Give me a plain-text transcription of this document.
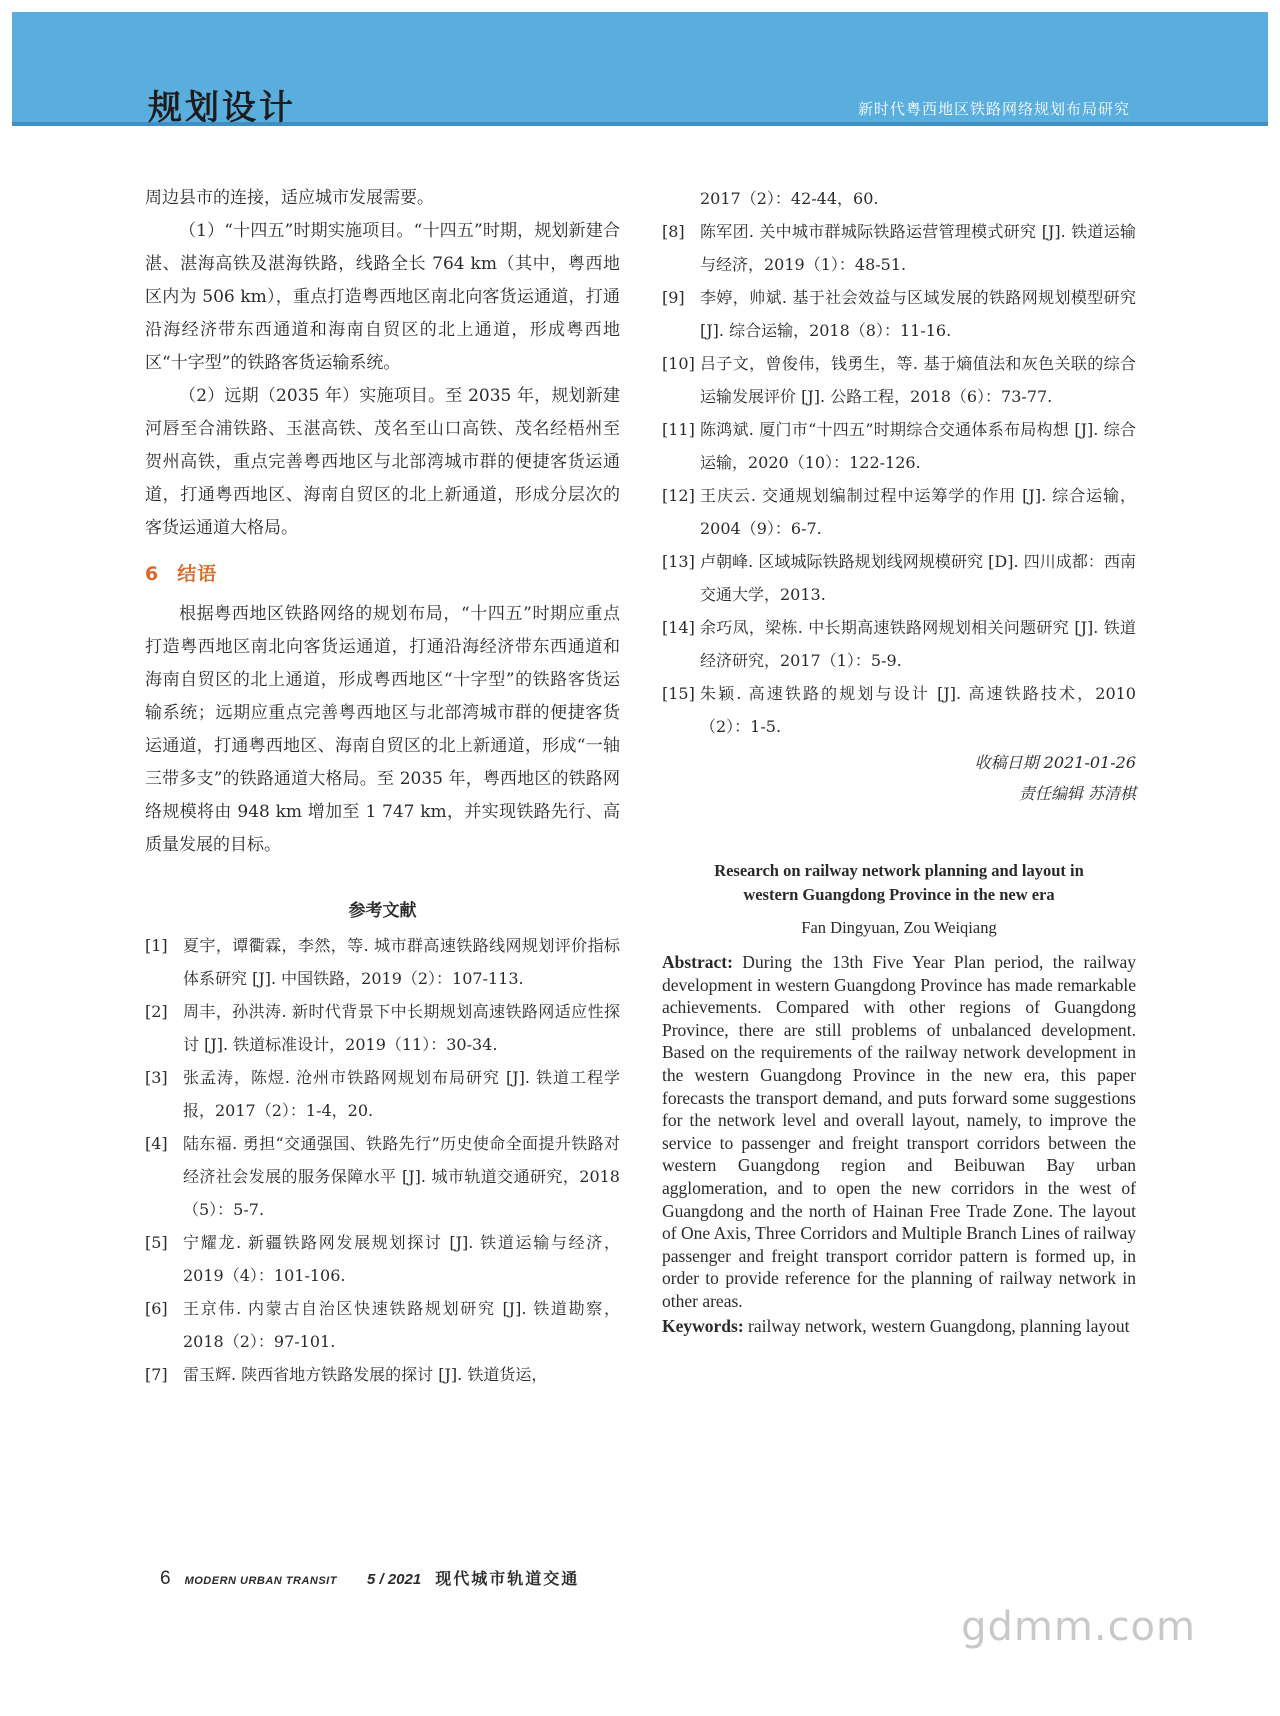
规划设计	新时代粤西地区铁路网络规划布局研究

周边县市的连接，适应城市发展需要。

（1）“十四五”时期实施项目。“十四五”时期，规划新建合湛、湛海高铁及湛海铁路，线路全长 764 km（其中，粤西地区内为 506 km），重点打造粤西地区南北向客货运通道，打通沿海经济带东西通道和海南自贸区的北上通道，形成粤西地区“十字型”的铁路客货运输系统。

（2）远期（2035 年）实施项目。至 2035 年，规划新建河唇至合浦铁路、玉湛高铁、茂名至山口高铁、茂名经梧州至贺州高铁，重点完善粤西地区与北部湾城市群的便捷客货运通道，打通粤西地区、海南自贸区的北上新通道，形成分层次的客货运通道大格局。

6 结语

根据粤西地区铁路网络的规划布局，“十四五”时期应重点打造粤西地区南北向客货运通道，打通沿海经济带东西通道和海南自贸区的北上通道，形成粤西地区“十字型”的铁路客货运输系统；远期应重点完善粤西地区与北部湾城市群的便捷客货运通道，打通粤西地区、海南自贸区的北上新通道，形成“一轴三带多支”的铁路通道大格局。至 2035 年，粤西地区的铁路网络规模将由 948 km 增加至 1 747 km，并实现铁路先行、高质量发展的目标。

参考文献
[1] 夏宇，谭衢霖，李然，等. 城市群高速铁路线网规划评价指标体系研究 [J]. 中国铁路，2019（2）：107-113.
[2] 周丰，孙洪涛. 新时代背景下中长期规划高速铁路网适应性探讨 [J]. 铁道标准设计，2019（11）：30-34.
[3] 张孟涛，陈煜. 沧州市铁路网规划布局研究 [J]. 铁道工程学报，2017（2）：1-4，20.
[4] 陆东福. 勇担“交通强国、铁路先行”历史使命全面提升铁路对经济社会发展的服务保障水平 [J]. 城市轨道交通研究，2018（5）：5-7.
[5] 宁耀龙. 新疆铁路网发展规划探讨 [J]. 铁道运输与经济，2019（4）：101-106.
[6] 王京伟. 内蒙古自治区快速铁路规划研究 [J]. 铁道勘察，2018（2）：97-101.
[7] 雷玉辉. 陕西省地方铁路发展的探讨 [J]. 铁道货运，
2017（2）：42-44，60.
[8] 陈军团. 关中城市群城际铁路运营管理模式研究 [J]. 铁道运输与经济，2019（1）：48-51.
[9] 李婷，帅斌. 基于社会效益与区域发展的铁路网规划模型研究 [J]. 综合运输，2018（8）：11-16.
[10] 吕子文，曾俊伟，钱勇生，等. 基于熵值法和灰色关联的综合运输发展评价 [J]. 公路工程，2018（6）：73-77.
[11] 陈鸿斌. 厦门市“十四五”时期综合交通体系布局构想 [J]. 综合运输，2020（10）：122-126.
[12] 王庆云. 交通规划编制过程中运筹学的作用 [J]. 综合运输，2004（9）：6-7.
[13] 卢朝峰. 区域城际铁路规划线网规模研究 [D]. 四川成都：西南交通大学，2013.
[14] 余巧凤，梁栋. 中长期高速铁路网规划相关问题研究 [J]. 铁道经济研究，2017（1）：5-9.
[15] 朱颖. 高速铁路的规划与设计 [J]. 高速铁路技术，2010（2）：1-5.
收稿日期 2021-01-26
责任编辑 苏清棋
Research on railway network planning and layout in
western Guangdong Province in the new era
Fan Dingyuan, Zou Weiqiang
Abstract: During the 13th Five Year Plan period, the railway development in western Guangdong Province has made remarkable achievements. Compared with other regions of Guangdong Province, there are still problems of unbalanced development. Based on the requirements of the railway network development in the western Guangdong Province in the new era, this paper forecasts the transport demand, and puts forward some suggestions for the network level and overall layout, namely, to improve the service to passenger and freight transport corridors between the western Guangdong region and Beibuwan Bay urban agglomeration, and to open the new corridors in the west of Guangdong and the north of Hainan Free Trade Zone. The layout of One Axis, Three Corridors and Multiple Branch Lines of railway passenger and freight transport corridor pattern is formed up, in order to provide reference for the planning of railway network in other areas.
Keywords: railway network, western Guangdong, planning layout
6 MODERN URBAN TRANSIT 5 / 2021 现代城市轨道交通
gdmm.com
